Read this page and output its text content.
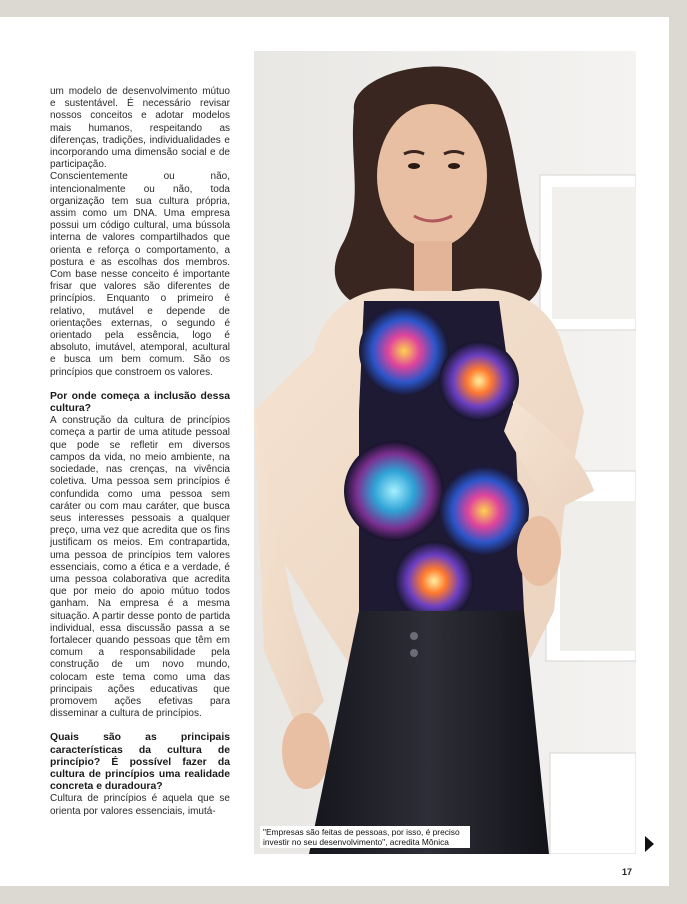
um modelo de desenvolvimento mútuo e sustentável. É necessário revisar nossos conceitos e adotar modelos mais humanos, respeitando as diferenças, tradições, individualidades e incorporando uma dimensão social e de participação.

Conscientemente ou não, intencionalmente ou não, toda organização tem sua cultura própria, assim como um DNA. Uma empresa possui um código cultural, uma bússola interna de valores compartilhados que orienta e reforça o comportamento, a postura e as escolhas dos membros. Com base nesse conceito é importante frisar que valores são diferentes de princípios. Enquanto o primeiro é relativo, mutável e depende de orientações externas, o segundo é orientado pela essência, logo é absoluto, imutável, atemporal, acultural e busca um bem comum. São os princípios que constroem os valores.

Por onde começa a inclusão dessa cultura?

A construção da cultura de princípios começa a partir de uma atitude pessoal que pode se refletir em diversos campos da vida, no meio ambiente, na sociedade, nas crenças, na vivência coletiva. Uma pessoa sem princípios é confundida como uma pessoa sem caráter ou com mau caráter, que busca seus interesses pessoais a qualquer preço, uma vez que acredita que os fins justificam os meios. Em contrapartida, uma pessoa de princípios tem valores essenciais, como a ética e a verdade, é uma pessoa colaborativa que acredita que por meio do apoio mútuo todos ganham. Na empresa é a mesma situação. A partir desse ponto de partida individual, essa discussão passa a se fortalecer quando pessoas que têm em comum a responsabilidade pela construção de um novo mundo, colocam este tema como uma das principais ações educativas que promovem ações efetivas para disseminar a cultura de princípios.

Quais são as principais características da cultura de princípio? É possível fazer da cultura de princípios uma realidade concreta e duradoura?

Cultura de princípios é aquela que se orienta por valores essenciais, imutá-

"Empresas são feitas de pessoas, por isso, é preciso investir no seu desenvolvimento", acredita Mônica
17
